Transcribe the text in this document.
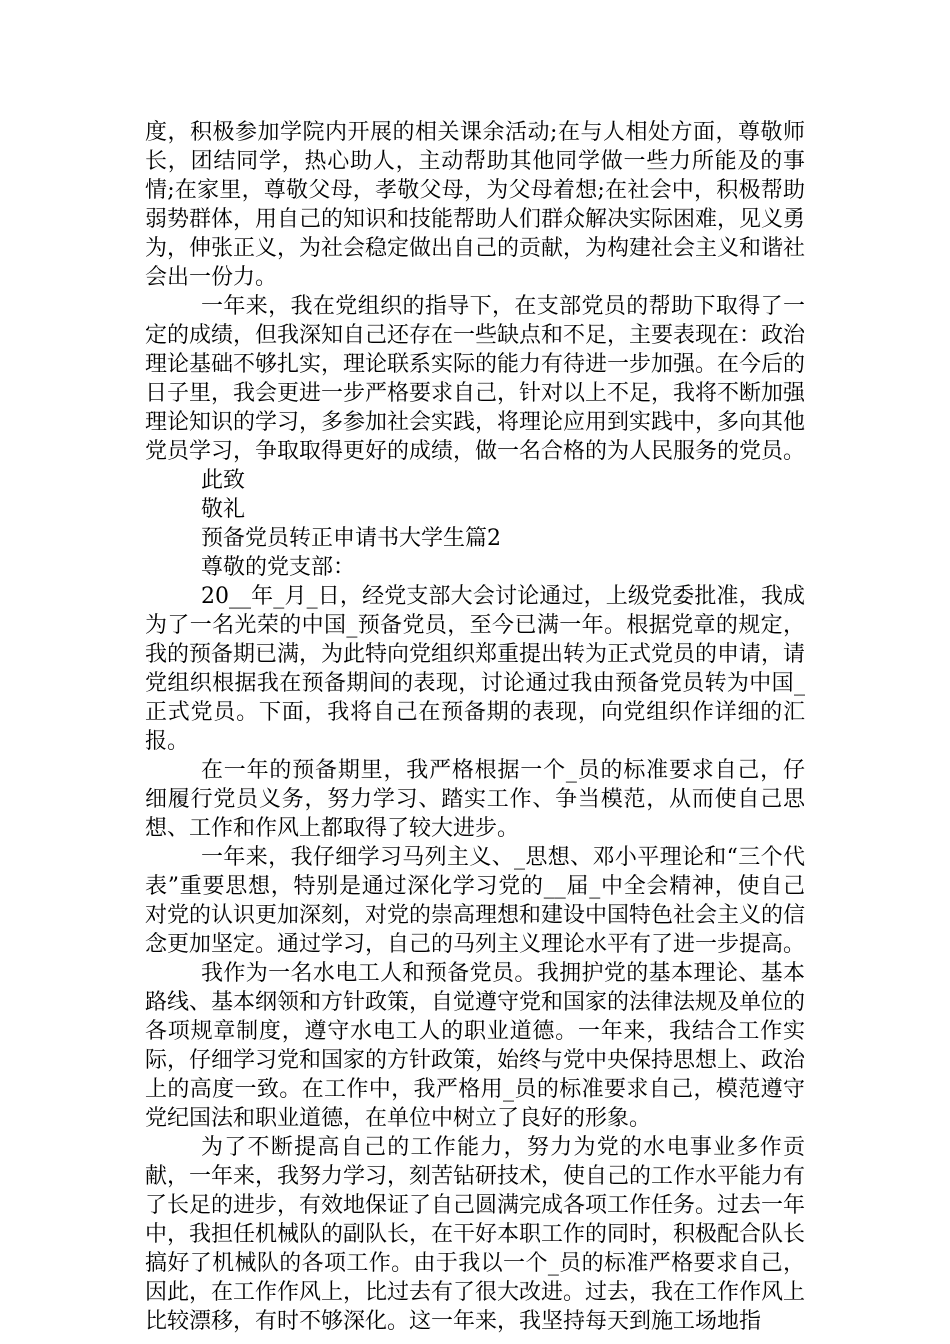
度，积极参加学院内开展的相关课余活动;在与人相处方面，尊敬师长，团结同学，热心助人，主动帮助其他同学做一些力所能及的事情;在家里，尊敬父母，孝敬父母，为父母着想;在社会中，积极帮助弱势群体，用自己的知识和技能帮助人们群众解决实际困难，见义勇为，伸张正义，为社会稳定做出自己的贡献，为构建社会主义和谐社会出一份力。

一年来，我在党组织的指导下，在支部党员的帮助下取得了一定的成绩，但我深知自己还存在一些缺点和不足，主要表现在：政治理论基础不够扎实，理论联系实际的能力有待进一步加强。在今后的日子里，我会更进一步严格要求自己，针对以上不足，我将不断加强理论知识的学习，多参加社会实践，将理论应用到实践中，多向其他党员学习，争取取得更好的成绩，做一名合格的为人民服务的党员。

此致

敬礼

预备党员转正申请书大学生篇2

尊敬的党支部：

20__年_月_日，经党支部大会讨论通过，上级党委批准，我成为了一名光荣的中国_预备党员，至今已满一年。根据党章的规定，我的预备期已满，为此特向党组织郑重提出转为正式党员的申请，请党组织根据我在预备期间的表现，讨论通过我由预备党员转为中国_正式党员。下面，我将自己在预备期的表现，向党组织作详细的汇报。

在一年的预备期里，我严格根据一个_员的标准要求自己，仔细履行党员义务，努力学习、踏实工作、争当模范，从而使自己思想、工作和作风上都取得了较大进步。

一年来，我仔细学习马列主义、_思想、邓小平理论和“三个代表”重要思想，特别是通过深化学习党的__届_中全会精神，使自己对党的认识更加深刻，对党的崇高理想和建设中国特色社会主义的信念更加坚定。通过学习，自己的马列主义理论水平有了进一步提高。

我作为一名水电工人和预备党员。我拥护党的基本理论、基本路线、基本纲领和方针政策，自觉遵守党和国家的法律法规及单位的各项规章制度，遵守水电工人的职业道德。一年来，我结合工作实际，仔细学习党和国家的方针政策，始终与党中央保持思想上、政治上的高度一致。在工作中，我严格用_员的标准要求自己，模范遵守党纪国法和职业道德，在单位中树立了良好的形象。

为了不断提高自己的工作能力，努力为党的水电事业多作贡献，一年来，我努力学习，刻苦钻研技术，使自己的工作水平能力有了长足的进步，有效地保证了自己圆满完成各项工作任务。过去一年中，我担任机械队的副队长，在干好本职工作的同时，积极配合队长搞好了机械队的各项工作。由于我以一个_员的标准严格要求自己，因此，在工作作风上，比过去有了很大改进。过去，我在工作作风上比较漂移，有时不够深化。这一年来，我坚持每天到施工场地指
